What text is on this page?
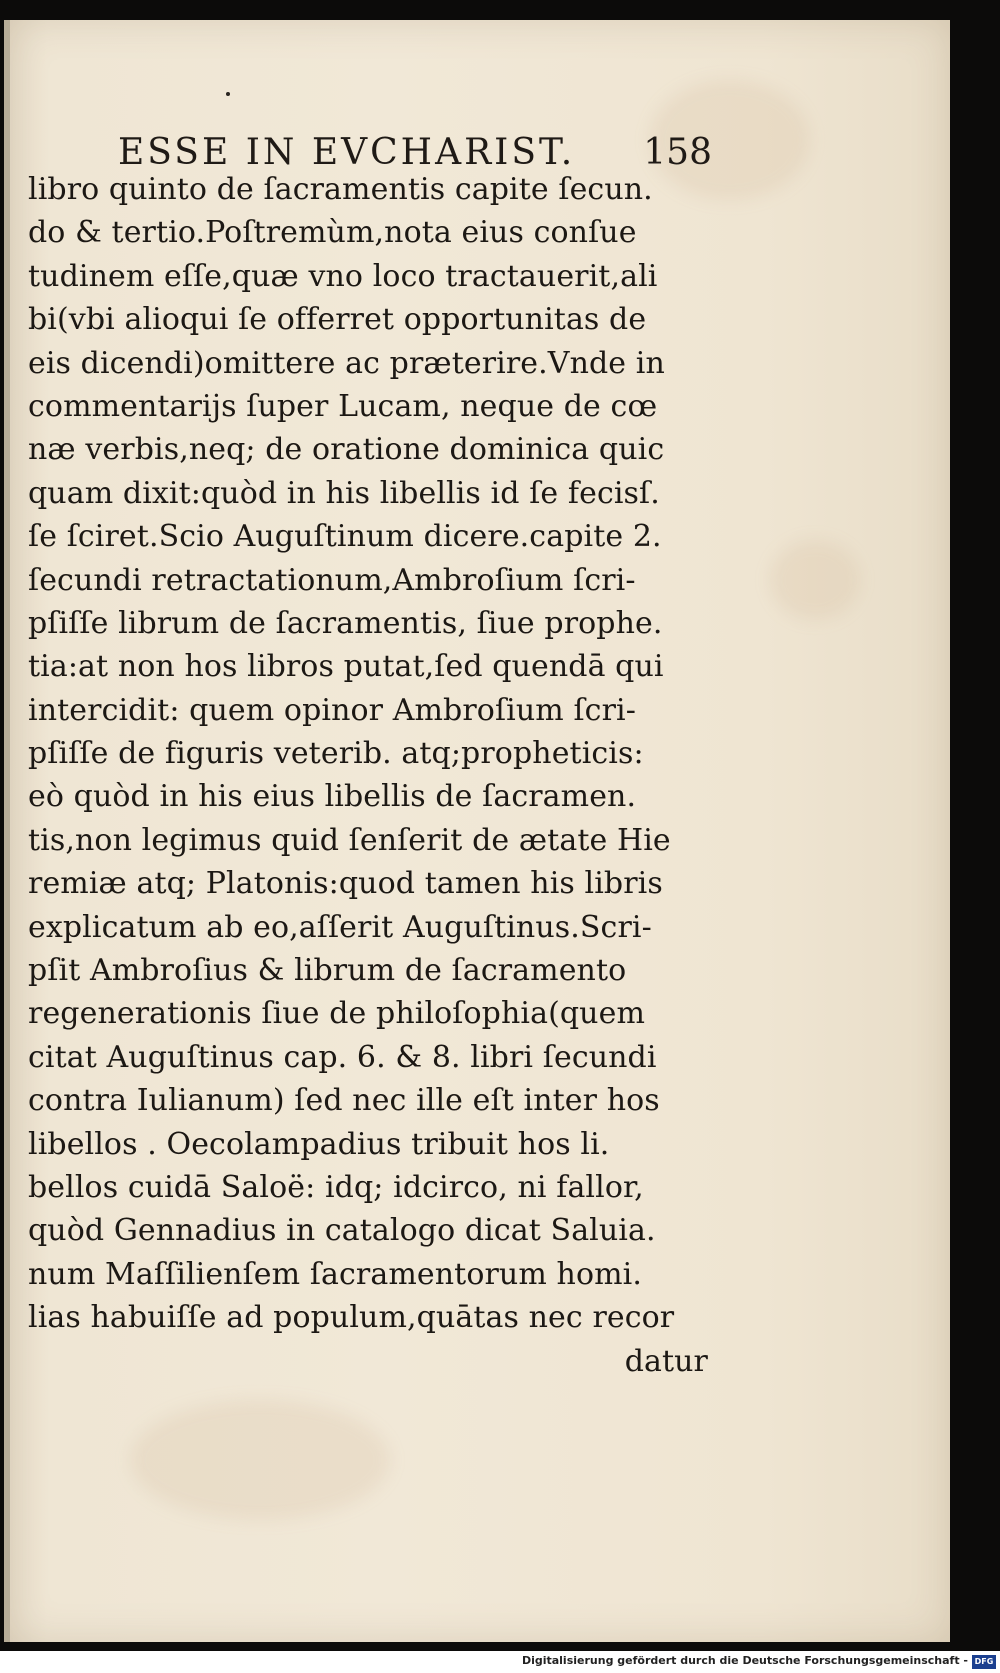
ESSE IN EVCHARIST. 158
libro quinto de ſacramentis capite ſecun.
do & tertio.Poſtremùm,nota eius conſue
tudinem eſſe,quæ vno loco tractauerit,ali
bi(vbi alioqui ſe offerret opportunitas de
eis dicendi)omittere ac præterire.Vnde in
commentarijs ſuper Lucam, neque de cœ
næ verbis,neq; de oratione dominica quic
quam dixit:quòd in his libellis id ſe fecisſ.
ſe ſciret.Scio Auguſtinum dicere.capite 2.
ſecundi retractationum,Ambroſium ſcri-
pſiſſe librum de ſacramentis, ſiue prophe.
tia:at non hos libros putat,ſed quendā qui
intercidit: quem opinor Ambroſium ſcri-
pſiſſe de figuris veterib. atq;propheticis:
eò quòd in his eius libellis de ſacramen.
tis,non legimus quid ſenſerit de ætate Hie
remiæ atq; Platonis:quod tamen his libris
explicatum ab eo,aſſerit Auguſtinus.Scri-
pſit Ambroſius & librum de ſacramento
regenerationis ſiue de philoſophia(quem
citat Auguſtinus cap. 6. & 8. libri ſecundi
contra Iulianum) ſed nec ille eſt inter hos
libellos . Oecolampadius tribuit hos li.
bellos cuidā Saloë: idq; idcirco, ni fallor,
quòd Gennadius in catalogo dicat Saluia.
num Maſſilienſem ſacramentorum homi.
lias habuiſſe ad populum,quātas nec recor
datur
Digitalisierung gefördert durch die Deutsche Forschungsgemeinschaft - DFG
